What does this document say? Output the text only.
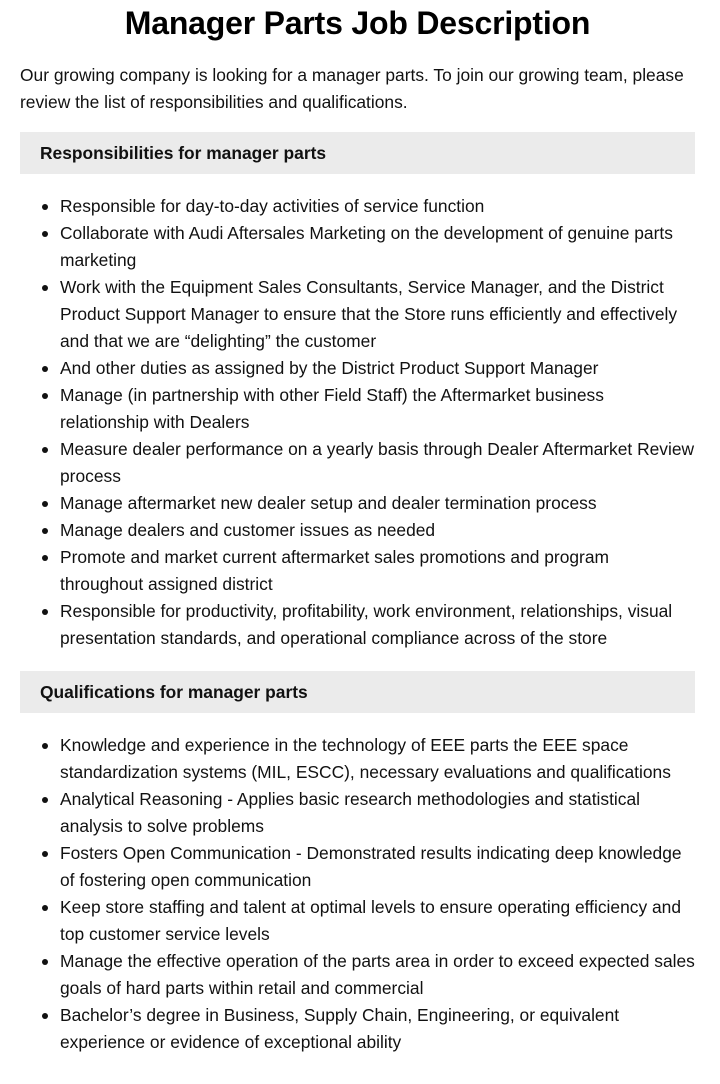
Manager Parts Job Description

Our growing company is looking for a manager parts. To join our growing team, please review the list of responsibilities and qualifications.

Responsibilities for manager parts
Responsible for day-to-day activities of service function
Collaborate with Audi Aftersales Marketing on the development of genuine parts marketing
Work with the Equipment Sales Consultants, Service Manager, and the District Product Support Manager to ensure that the Store runs efficiently and effectively and that we are “delighting” the customer
And other duties as assigned by the District Product Support Manager
Manage (in partnership with other Field Staff) the Aftermarket business relationship with Dealers
Measure dealer performance on a yearly basis through Dealer Aftermarket Review process
Manage aftermarket new dealer setup and dealer termination process
Manage dealers and customer issues as needed
Promote and market current aftermarket sales promotions and program throughout assigned district
Responsible for productivity, profitability, work environment, relationships, visual presentation standards, and operational compliance across of the store
Qualifications for manager parts
Knowledge and experience in the technology of EEE parts the EEE space standardization systems (MIL, ESCC), necessary evaluations and qualifications
Analytical Reasoning - Applies basic research methodologies and statistical analysis to solve problems
Fosters Open Communication - Demonstrated results indicating deep knowledge of fostering open communication
Keep store staffing and talent at optimal levels to ensure operating efficiency and top customer service levels
Manage the effective operation of the parts area in order to exceed expected sales goals of hard parts within retail and commercial
Bachelor’s degree in Business, Supply Chain, Engineering, or equivalent experience or evidence of exceptional ability
